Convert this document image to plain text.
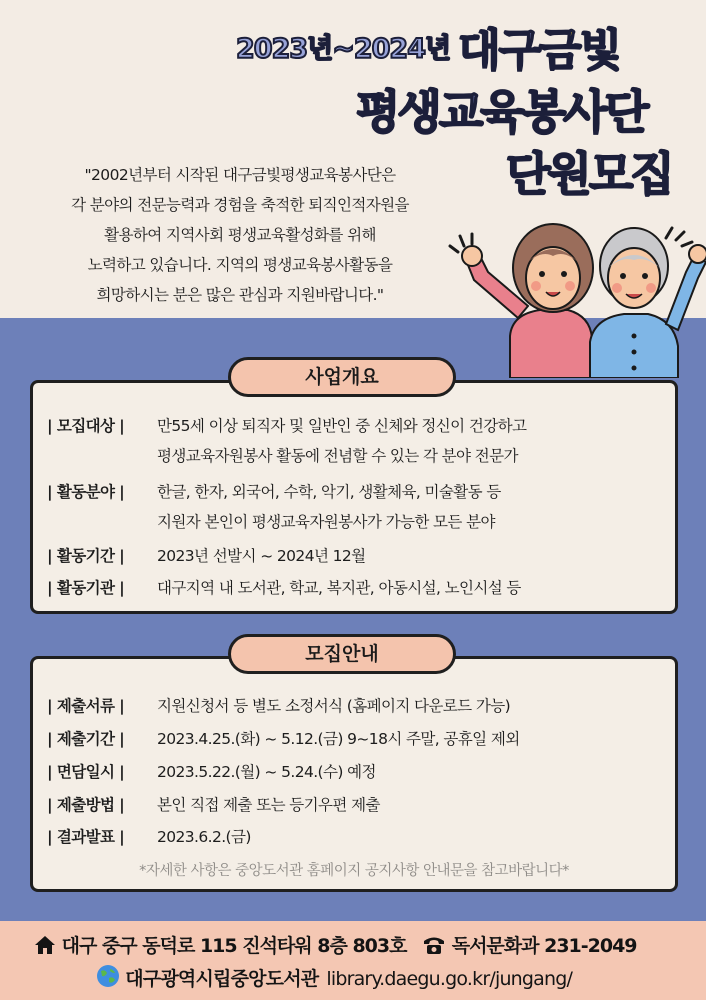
2023년~2024년 대구금빛
평생교육봉사단
단원모집
"2002년부터 시작된 대구금빛평생교육봉사단은
각 분야의 전문능력과 경험을 축적한 퇴직인적자원을
활용하여 지역사회 평생교육활성화를 위해
노력하고 있습니다. 지역의 평생교육봉사활동을
희망하시는 분은 많은 관심과 지원바랍니다."
사업개요
| 모집대상 | 만55세 이상 퇴직자 및 일반인 중 신체와 정신이 건강하고
평생교육자원봉사 활동에 전념할 수 있는 각 분야 전문가
| 활동분야 | 한글, 한자, 외국어, 수학, 악기, 생활체육, 미술활동 등
지원자 본인이 평생교육자원봉사가 가능한 모든 분야
| 활동기간 | 2023년 선발시 ~ 2024년 12월
| 활동기관 | 대구지역 내 도서관, 학교, 복지관, 아동시설, 노인시설 등
모집안내
| 제출서류 | 지원신청서 등 별도 소정서식 (홈페이지 다운로드 가능)
| 제출기간 | 2023.4.25.(화) ~ 5.12.(금) 9~18시 주말, 공휴일 제외
| 면담일시 | 2023.5.22.(월) ~ 5.24.(수) 예정
| 제출방법 | 본인 직접 제출 또는 등기우편 제출
| 결과발표 | 2023.6.2.(금)
*자세한 사항은 중앙도서관 홈페이지 공지사항 안내문을 참고바랍니다*
대구 중구 동덕로 115 진석타워 8층 803호 독서문화과 231-2049
대구광역시립중앙도서관 library.daegu.go.kr/jungang/
